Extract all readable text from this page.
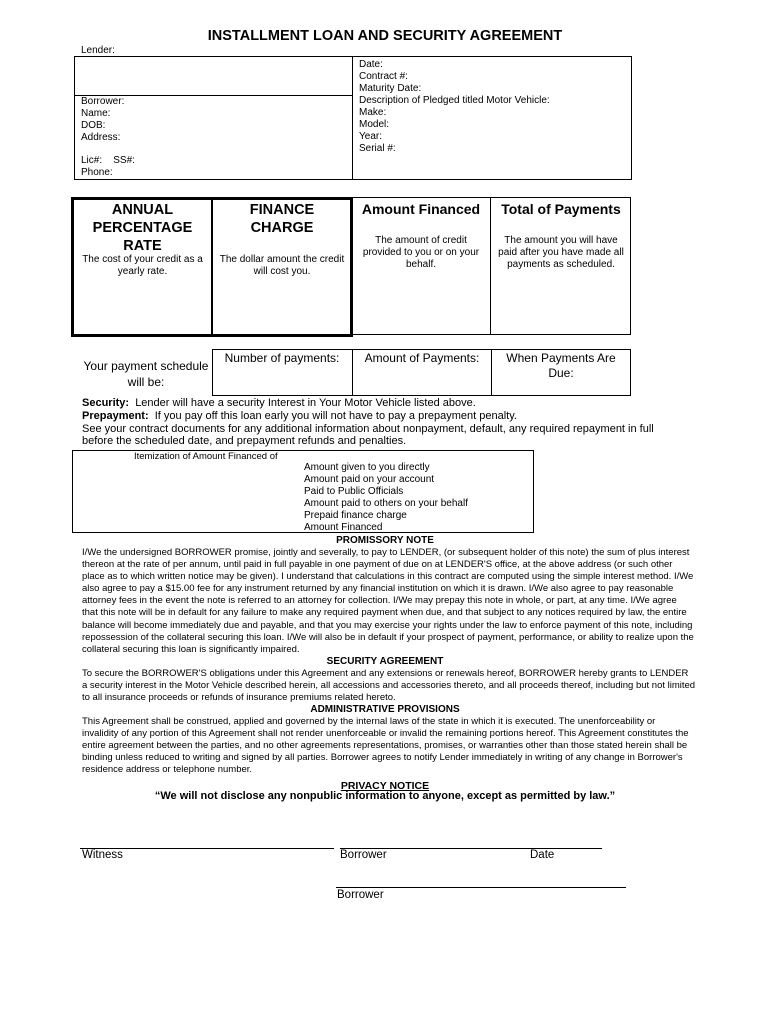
INSTALLMENT LOAN AND SECURITY AGREEMENT
Lender:
Date:
Contract #:
Maturity Date:
Description of Pledged titled Motor Vehicle:
Make:
Model:
Year:
Serial #:
Borrower:
Name:
DOB:
Address:
Lic#:    SS#:
Phone:
ANNUAL PERCENTAGE RATE
The cost of your credit as a yearly rate.
FINANCE CHARGE
The dollar amount the credit will cost you.
Amount Financed
The amount of credit provided to you or on your behalf.
Total of Payments
The amount you will have paid after you have made all payments as scheduled.
Your payment schedule will be:
Number of payments:	Amount of Payments:	When Payments Are Due:
Security:  Lender will have a security Interest in Your Motor Vehicle listed above.
Prepayment:  If you pay off this loan early you will not have to pay a prepayment penalty.
See your contract documents for any additional information about nonpayment, default, any required repayment in full before the scheduled date, and prepayment refunds and penalties.
Itemization of Amount Financed of
Amount given to you directly
Amount paid on your account
Paid to Public Officials
Amount paid to others on your behalf
Prepaid finance charge
Amount Financed
PROMISSORY NOTE
I/We the undersigned BORROWER promise, jointly and severally, to pay to LENDER, (or subsequent holder of this note) the sum of plus interest
thereon at the rate of per annum, until paid in full payable in one payment of due on at LENDER'S office, at the above address (or such other
place as to which written notice may be given). I understand that calculations in this contract are computed using the simple interest method. I/We
also agree to pay a $15.00 fee for any instrument returned by any financial institution on which it is drawn. I/We also agree to pay reasonable
attorney fees in the event the note is referred to an attorney for collection. I/We may prepay this note in whole, or part, at any time. I/We agree
that this note will be in default for any failure to make any required payment when due, and that subject to any notices required by law, the entire
balance will become immediately due and payable, and that you may exercise your rights under the law to enforce payment of this note, including
repossession of the collateral securing this loan. I/We will also be in default if your prospect of payment, performance, or ability to realize upon the
collateral securing this loan is significantly impaired.
SECURITY AGREEMENT
To secure the BORROWER'S obligations under this Agreement and any extensions or renewals hereof, BORROWER hereby grants to LENDER
a security interest in the Motor Vehicle described herein, all accessions and accessories thereto, and all proceeds thereof, including but not limited
to all insurance proceeds or refunds of insurance premiums related hereto.
ADMINISTRATIVE PROVISIONS
This Agreement shall be construed, applied and governed by the internal laws of the state in which it is executed. The unenforceability or
invalidity of any portion of this Agreement shall not render unenforceable or invalid the remaining portions hereof. This Agreement constitutes the
entire agreement between the parties, and no other agreements representations, promises, or warranties other than those stated herein shall be
binding unless reduced to writing and signed by all parties. Borrower agrees to notify Lender immediately in writing of any change in Borrower's
residence address or telephone number.
PRIVACY NOTICE
“We will not disclose any nonpublic information to anyone, except as permitted by law.”
Witness	Borrower	Date
Borrower
